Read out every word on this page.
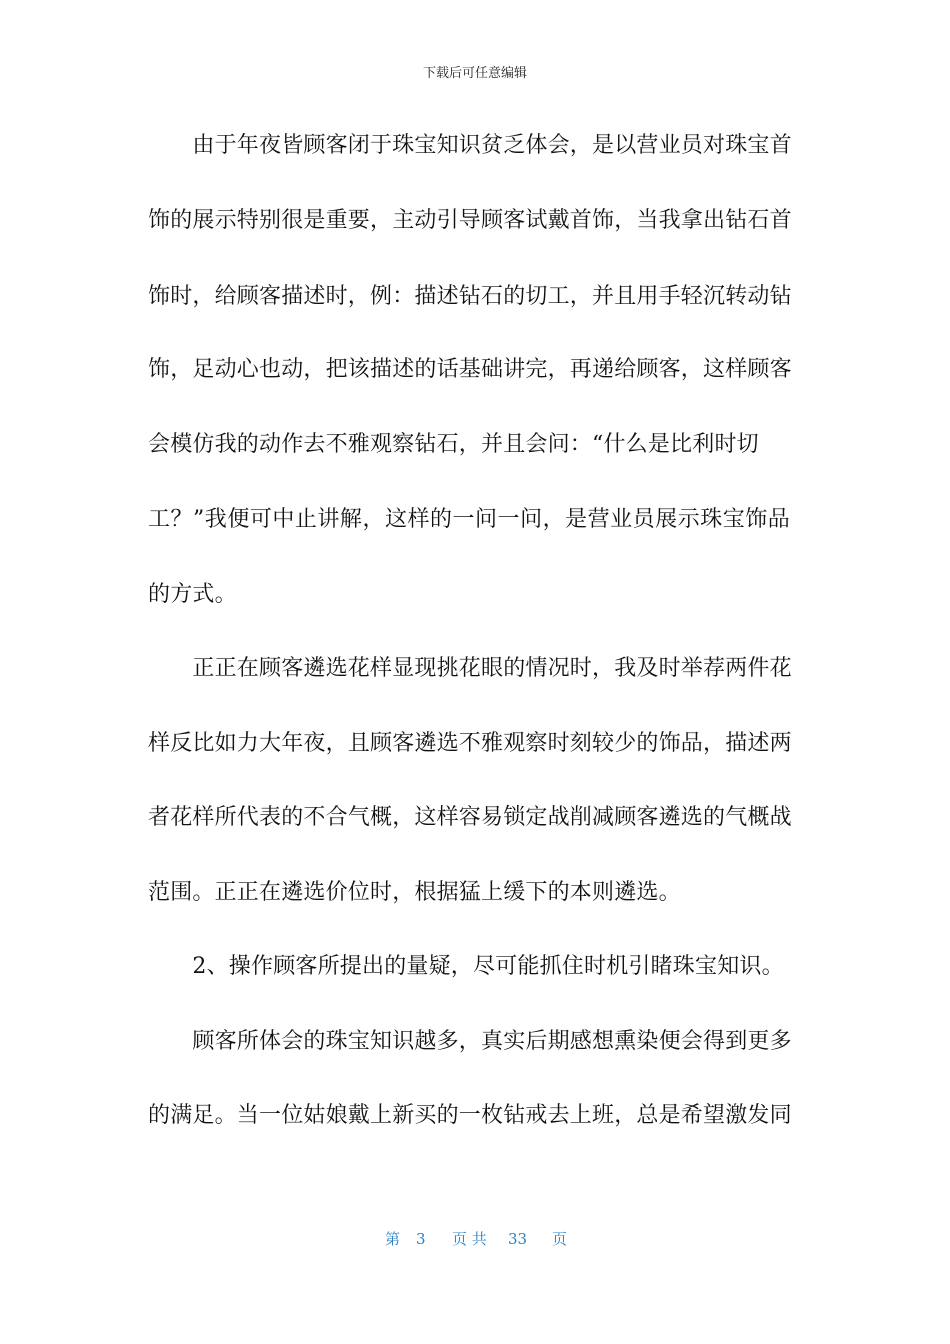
下载后可任意编辑
　　由于年夜皆顾客闭于珠宝知识贫乏体会，是以营业员对珠宝首
饰的展示特别很是重要，主动引导顾客试戴首饰，当我拿出钻石首
饰时，给顾客描述时，例：描述钻石的切工，并且用手轻沉转动钻
饰，足动心也动，把该描述的话基础讲完，再递给顾客，这样顾客
会模仿我的动作去不雅观察钻石，并且会问：“什么是比利时切
工？”我便可中止讲解，这样的一问一问，是营业员展示珠宝饰品
的方式。
　　正正在顾客遴选花样显现挑花眼的情况时，我及时举荐两件花
样反比如力大年夜，且顾客遴选不雅观察时刻较少的饰品，描述两
者花样所代表的不合气概，这样容易锁定战削减顾客遴选的气概战
范围。正正在遴选价位时，根据猛上缓下的本则遴选。
　　2、操作顾客所提出的量疑，尽可能抓住时机引睹珠宝知识。
　　顾客所体会的珠宝知识越多，真实后期感想熏染便会得到更多
的满足。当一位姑娘戴上新买的一枚钻戒去上班，总是希望激发同
第 3 页 共 33 页
